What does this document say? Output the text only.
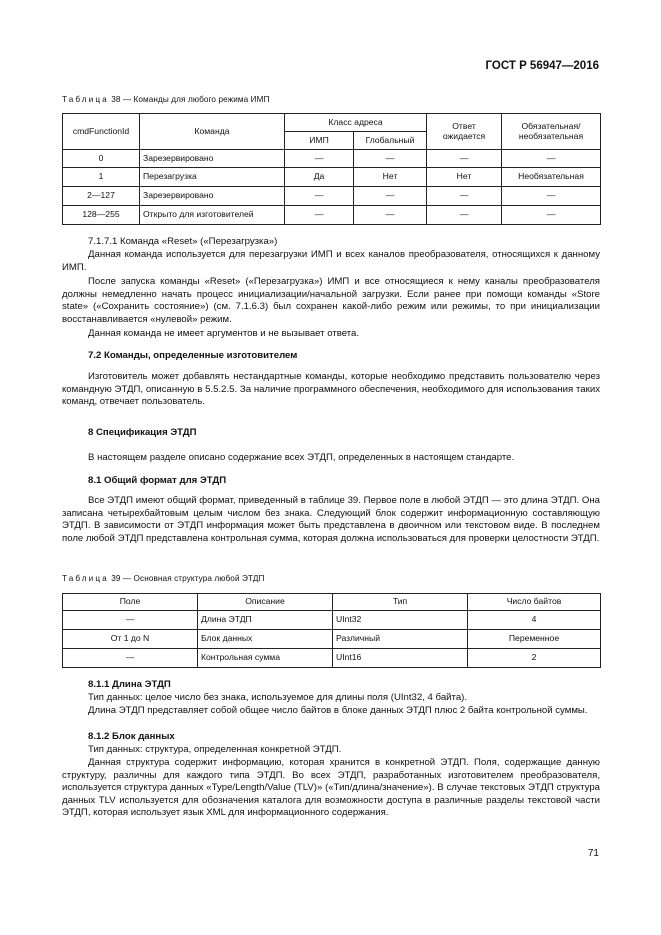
ГОСТ Р 56947—2016
Таблица 38 — Команды для любого режима ИМП
cmdFunctionId	Команда	Класс адреса		Ответ ожидается	Обязательная/ необязательная
		ИМП	Глобальный		
0	Зарезервировано	—	—	—	—
1	Перезагрузка	Да	Нет	Нет	Необязательная
2—127	Зарезервировано	—	—	—	—
128—255	Открыто для изготовителей	—	—	—	—

7.1.7.1 Команда «Reset» («Перезагрузка»)

Данная команда используется для перезагрузки ИМП и всех каналов преобразователя, относящихся к данному ИМП.

После запуска команды «Reset» («Перезагрузка») ИМП и все относящиеся к нему каналы преобразователя должны немедленно начать процесс инициализации/начальной загрузки. Если ранее при помощи команды «Store state» («Сохранить состояние») (см. 7.1.6.3) был сохранен какой-либо режим или режимы, то при инициализации восстанавливается «нулевой» режим.

Данная команда не имеет аргументов и не вызывает ответа.

7.2 Команды, определенные изготовителем

Изготовитель может добавлять нестандартные команды, которые необходимо представить пользователю через командную ЭТДП, описанную в 5.5.2.5. За наличие программного обеспечения, необходимого для использования таких команд, отвечает пользователь.

8 Спецификация ЭТДП

В настоящем разделе описано содержание всех ЭТДП, определенных в настоящем стандарте.

8.1 Общий формат для ЭТДП

Все ЭТДП имеют общий формат, приведенный в таблице 39. Первое поле в любой ЭТДП — это длина ЭТДП. Она записана четырехбайтовым целым числом без знака. Следующий блок содержит информационную составляющую ЭТДП. В зависимости от ЭТДП информация может быть представлена в двоичном или текстовом виде. В последнем поле любой ЭТДП представлена контрольная сумма, которая должна использоваться для проверки целостности ЭТДП.

Таблица 39 — Основная структура любой ЭТДП
Поле	Описание	Тип	Число байтов
—	Длина ЭТДП	UInt32	4
От 1 до N	Блок данных	Различный	Переменное
—	Контрольная сумма	UInt16	2

8.1.1 Длина ЭТДП

Тип данных: целое число без знака, используемое для длины поля (UInt32, 4 байта).

Длина ЭТДП представляет собой общее число байтов в блоке данных ЭТДП плюс 2 байта контрольной суммы.

8.1.2 Блок данных

Тип данных: структура, определенная конкретной ЭТДП.

Данная структура содержит информацию, которая хранится в конкретной ЭТДП. Поля, содержащие данную структуру, различны для каждого типа ЭТДП. Во всех ЭТДП, разработанных изготовителем преобразователя, используется структура данных «Type/Length/Value (TLV)» («Тип/длина/значение»). В случае текстовых ЭТДП структура данных TLV используется для обозначения каталога для возможности доступа в различные разделы текстовой части ЭТДП, которая использует язык XML для информационного содержания.

71
